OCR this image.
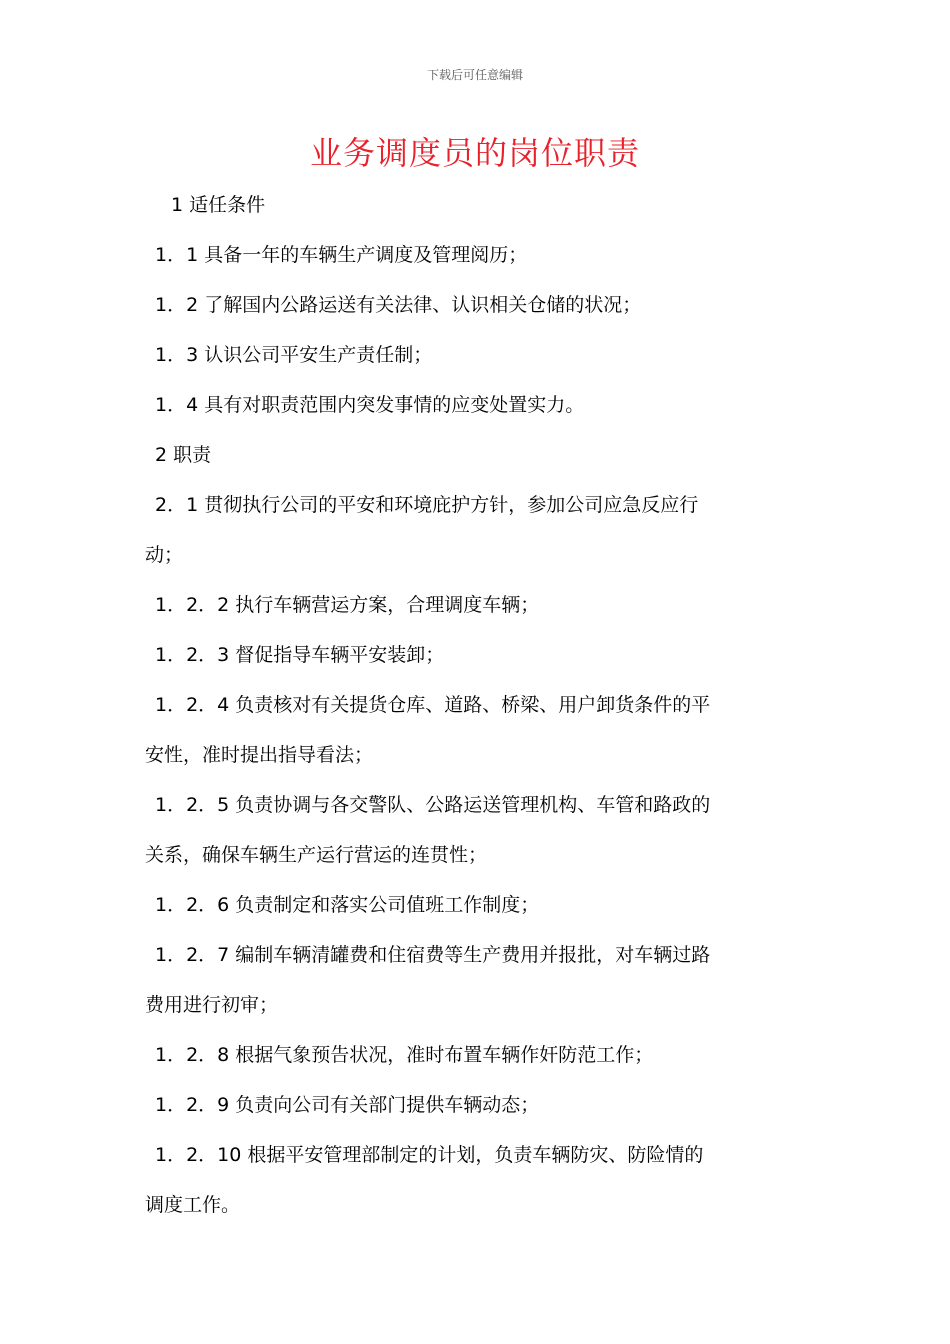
下载后可任意编辑
业务调度员的岗位职责
1 适任条件
1．1 具备一年的车辆生产调度及管理阅历；
1．2 了解国内公路运送有关法律、认识相关仓储的状况；
1．3 认识公司平安生产责任制；
1．4 具有对职责范围内突发事情的应变处置实力。
2 职责
2．1 贯彻执行公司的平安和环境庇护方针，参加公司应急反应行
动；
1．2．2 执行车辆营运方案，合理调度车辆；
1．2．3 督促指导车辆平安装卸；
1．2．4 负责核对有关提货仓库、道路、桥梁、用户卸货条件的平
安性，准时提出指导看法；
1．2．5 负责协调与各交警队、公路运送管理机构、车管和路政的
关系，确保车辆生产运行营运的连贯性；
1．2．6 负责制定和落实公司值班工作制度；
1．2．7 编制车辆清罐费和住宿费等生产费用并报批，对车辆过路
费用进行初审；
1．2．8 根据气象预告状况，准时布置车辆作奸防范工作；
1．2．9 负责向公司有关部门提供车辆动态；
1．2．10 根据平安管理部制定的计划，负责车辆防灾、防险情的
调度工作。
